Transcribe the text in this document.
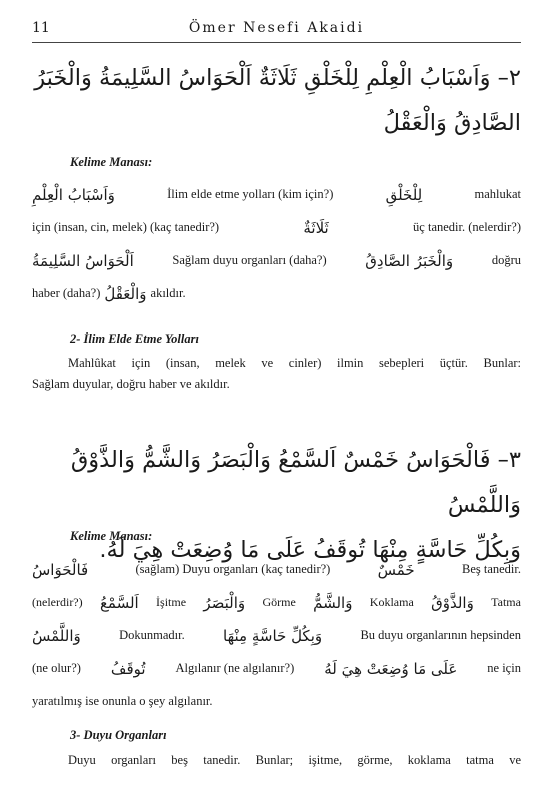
11	Ömer Nesefi Akaidi
٢– وَاَسْبَابُ الْعِلْمِ لِلْخَلْقِ ثَلَاثَةٌ اَلْحَوَاسُ السَّلِيمَةُ وَالْخَبَرُ
الصَّادِقُ وَالْعَقْلُ
Kelime Manası:
وَاَسْبَابُ الْعِلْمِ	İlim elde etme yolları (kim için?)	لِلْخَلْقِ	mahlukat
için (insan, cin, melek) (kaç tanedir?)	ثَلَاثَةٌ	üç tanedir. (nelerdir?)
اَلْحَوَاسُ السَّلِيمَةُ	Sağlam duyu organları (daha?)	وَالْخَبَرُ الصَّادِقُ	doğru
haber (daha?) وَالْعَقْلُ akıldır.
2- İlim Elde Etme Yolları
Mahlûkat için (insan, melek ve cinler) ilmin sebepleri üçtür. Bunlar:
Sağlam duyular, doğru haber ve akıldır.
٣– فَالْحَوَاسُ خَمْسٌ اَلسَّمْعُ وَالْبَصَرُ وَالشَّمُّ وَالذَّوْقُ وَاللَّمْسُ
وَبِكُلِّ حَاسَّةٍ مِنْهَا تُوقَفُ عَلَى مَا وُضِعَتْ هِيَ لَهُ.
Kelime Manası:
فَالْحَوَاسُ	(sağlam) Duyu organları (kaç tanedir?)	خَمْسٌ	Beş tanedir.
(nelerdir?) اَلسَّمْعُ İşitme وَالْبَصَرُ Görme وَالشَّمُّ Koklama وَالذَّوْقُ Tatma
وَاللَّمْسُ	Dokunmadır.	وَبِكُلِّ حَاسَّةٍ مِنْهَا	Bu duyu organlarının hepsinden
(ne olur?) تُوقَفُ Algılanır (ne algılanır?) عَلَى مَا وُضِعَتْ هِيَ لَهُ ne için
yaratılmış ise onunla o şey algılanır.
3- Duyu Organları
Duyu organları beş tanedir. Bunlar; işitme, görme, koklama tatma ve
